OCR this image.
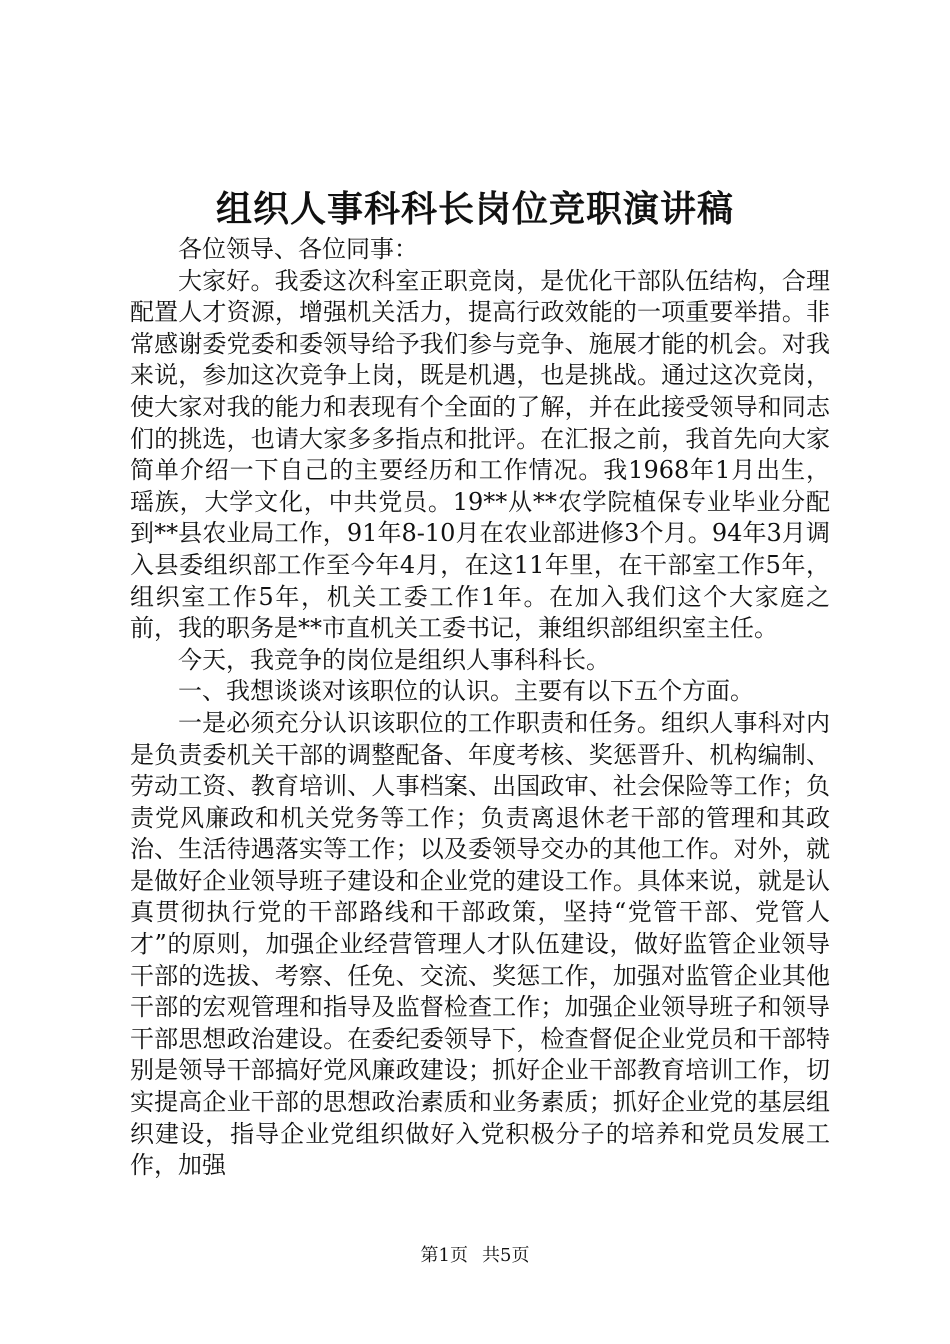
组织人事科科长岗位竞职演讲稿

各位领导、各位同事：

大家好。我委这次科室正职竞岗，是优化干部队伍结构，合理配置人才资源，增强机关活力，提高行政效能的一项重要举措。非常感谢委党委和委领导给予我们参与竞争、施展才能的机会。对我来说，参加这次竞争上岗，既是机遇，也是挑战。通过这次竞岗，使大家对我的能力和表现有个全面的了解，并在此接受领导和同志们的挑选，也请大家多多指点和批评。在汇报之前，我首先向大家简单介绍一下自己的主要经历和工作情况。我1968年1月出生，瑶族，大学文化，中共党员。19**从**农学院植保专业毕业分配到**县农业局工作，91年8-10月在农业部进修3个月。94年3月调入县委组织部工作至今年4月，在这11年里，在干部室工作5年，组织室工作5年，机关工委工作1年。在加入我们这个大家庭之前，我的职务是**市直机关工委书记，兼组织部组织室主任。

今天，我竞争的岗位是组织人事科科长。

一、我想谈谈对该职位的认识。主要有以下五个方面。

一是必须充分认识该职位的工作职责和任务。组织人事科对内是负责委机关干部的调整配备、年度考核、奖惩晋升、机构编制、劳动工资、教育培训、人事档案、出国政审、社会保险等工作；负责党风廉政和机关党务等工作；负责离退休老干部的管理和其政治、生活待遇落实等工作；以及委领导交办的其他工作。对外，就是做好企业领导班子建设和企业党的建设工作。具体来说，就是认真贯彻执行党的干部路线和干部政策，坚持“党管干部、党管人才”的原则，加强企业经营管理人才队伍建设，做好监管企业领导干部的选拔、考察、任免、交流、奖惩工作，加强对监管企业其他干部的宏观管理和指导及监督检查工作；加强企业领导班子和领导干部思想政治建设。在委纪委领导下，检查督促企业党员和干部特别是领导干部搞好党风廉政建设；抓好企业干部教育培训工作，切实提高企业干部的思想政治素质和业务素质；抓好企业党的基层组织建设，指导企业党组织做好入党积极分子的培养和党员发展工作，加强

第1页 共5页
